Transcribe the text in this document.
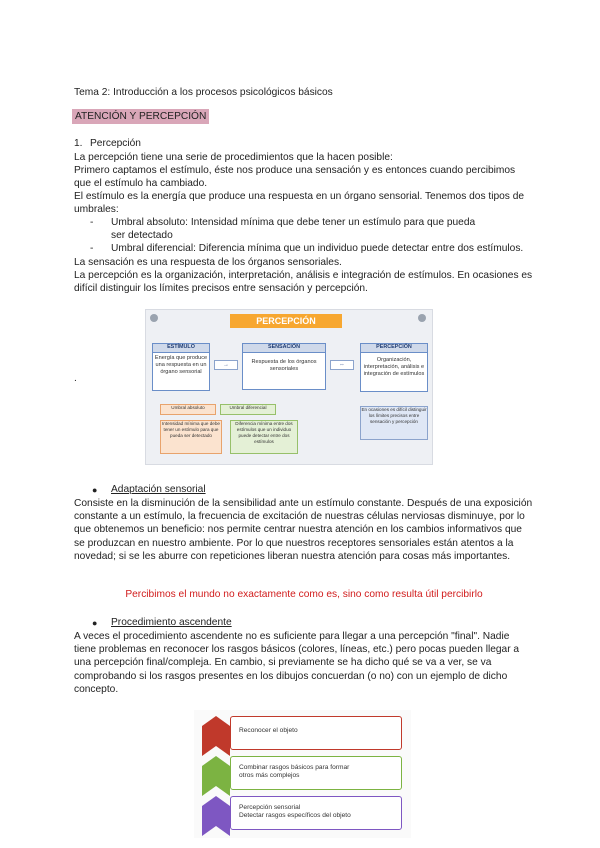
Tema 2: Introducción a los procesos psicológicos básicos

ATENCIÓN Y PERCEPCIÓN

1. Percepción

La percepción tiene una serie de procedimientos que la hacen posible:

Primero captamos el estímulo, éste nos produce una sensación y es entonces cuando percibimos que el estímulo ha cambiado.

El estímulo es la energía que produce una respuesta en un órgano sensorial. Tenemos dos tipos de umbrales:

- Umbral absoluto: Intensidad mínima que debe tener un estímulo para que pueda ser detectado

- Umbral diferencial: Diferencia mínima que un individuo puede detectar entre dos estímulos.

La sensación es una respuesta de los órganos sensoriales.

La percepción es la organización, interpretación, análisis e integración de estímulos. En ocasiones es difícil distinguir los límites precisos entre sensación y percepción.

.
PERCEPCIÓN
ESTÍMULO
Energía que produce una respuesta en un órgano sensorial
→
SENSACIÓN
Respuesta de los órganos sensoriales
⇔
PERCEPCIÓN
Organización, interpretación, análisis e integración de estímulos
Umbral absoluto	Umbral diferencial
Intensidad mínima que debe tener un estímulo para que pueda ser detectado
Diferencia mínima entre dos estímulos que un individuo puede detectar entre dos estímulos
En ocasiones es difícil distinguir los límites precisos entre sensación y percepción
● Adaptación sensorial

Consiste en la disminución de la sensibilidad ante un estímulo constante. Después de una exposición constante a un estímulo, la frecuencia de excitación de nuestras células nerviosas disminuye, por lo que obtenemos un beneficio: nos permite centrar nuestra atención en los cambios informativos que se produzcan en nuestro ambiente. Por lo que nuestros receptores sensoriales están atentos a la novedad; si se les aburre con repeticiones liberan nuestra atención para cosas más importantes.

Percibimos el mundo no exactamente como es, sino como resulta útil percibirlo
● Procedimiento ascendente

A veces el procedimiento ascendente no es suficiente para llegar a una percepción "final". Nadie tiene problemas en reconocer los rasgos básicos (colores, líneas, etc.) pero pocas pueden llegar a una percepción final/compleja. En cambio, si previamente se ha dicho qué se va a ver, se va comprobando si los rasgos presentes en los dibujos concuerdan (o no) con un ejemplo de dicho concepto.

Reconocer el objeto
Combinar rasgos básicos para formar
otros más complejos
Percepción sensorial
Detectar rasgos específicos del objeto
